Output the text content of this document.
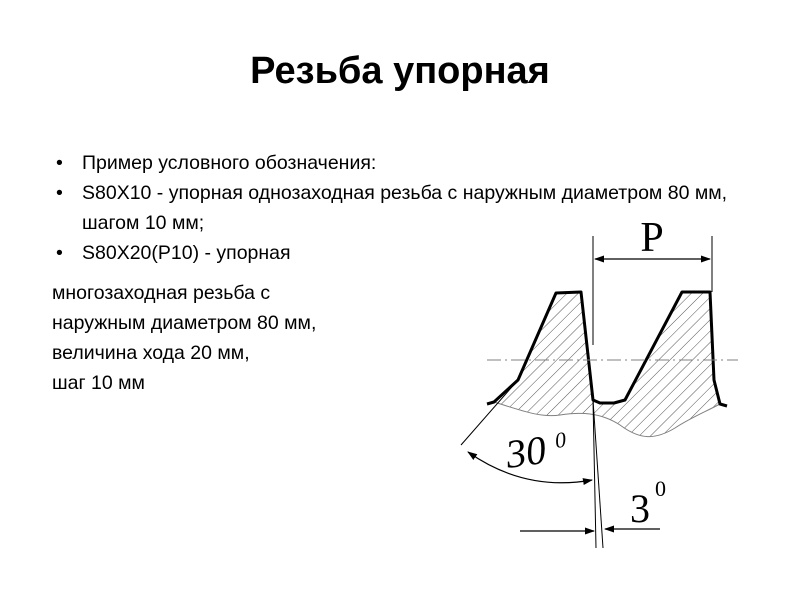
Резьба упорная
• Пример условного обозначения:
• S80X10 - упорная однозаходная резьба с наружным диаметром 80 мм, шагом 10 мм;
• S80X20(P10) - упорная
многозаходная резьба с
наружным диаметром 80 мм,
величина хода 20 мм,
шаг 10 мм
P
30 0
3 0
